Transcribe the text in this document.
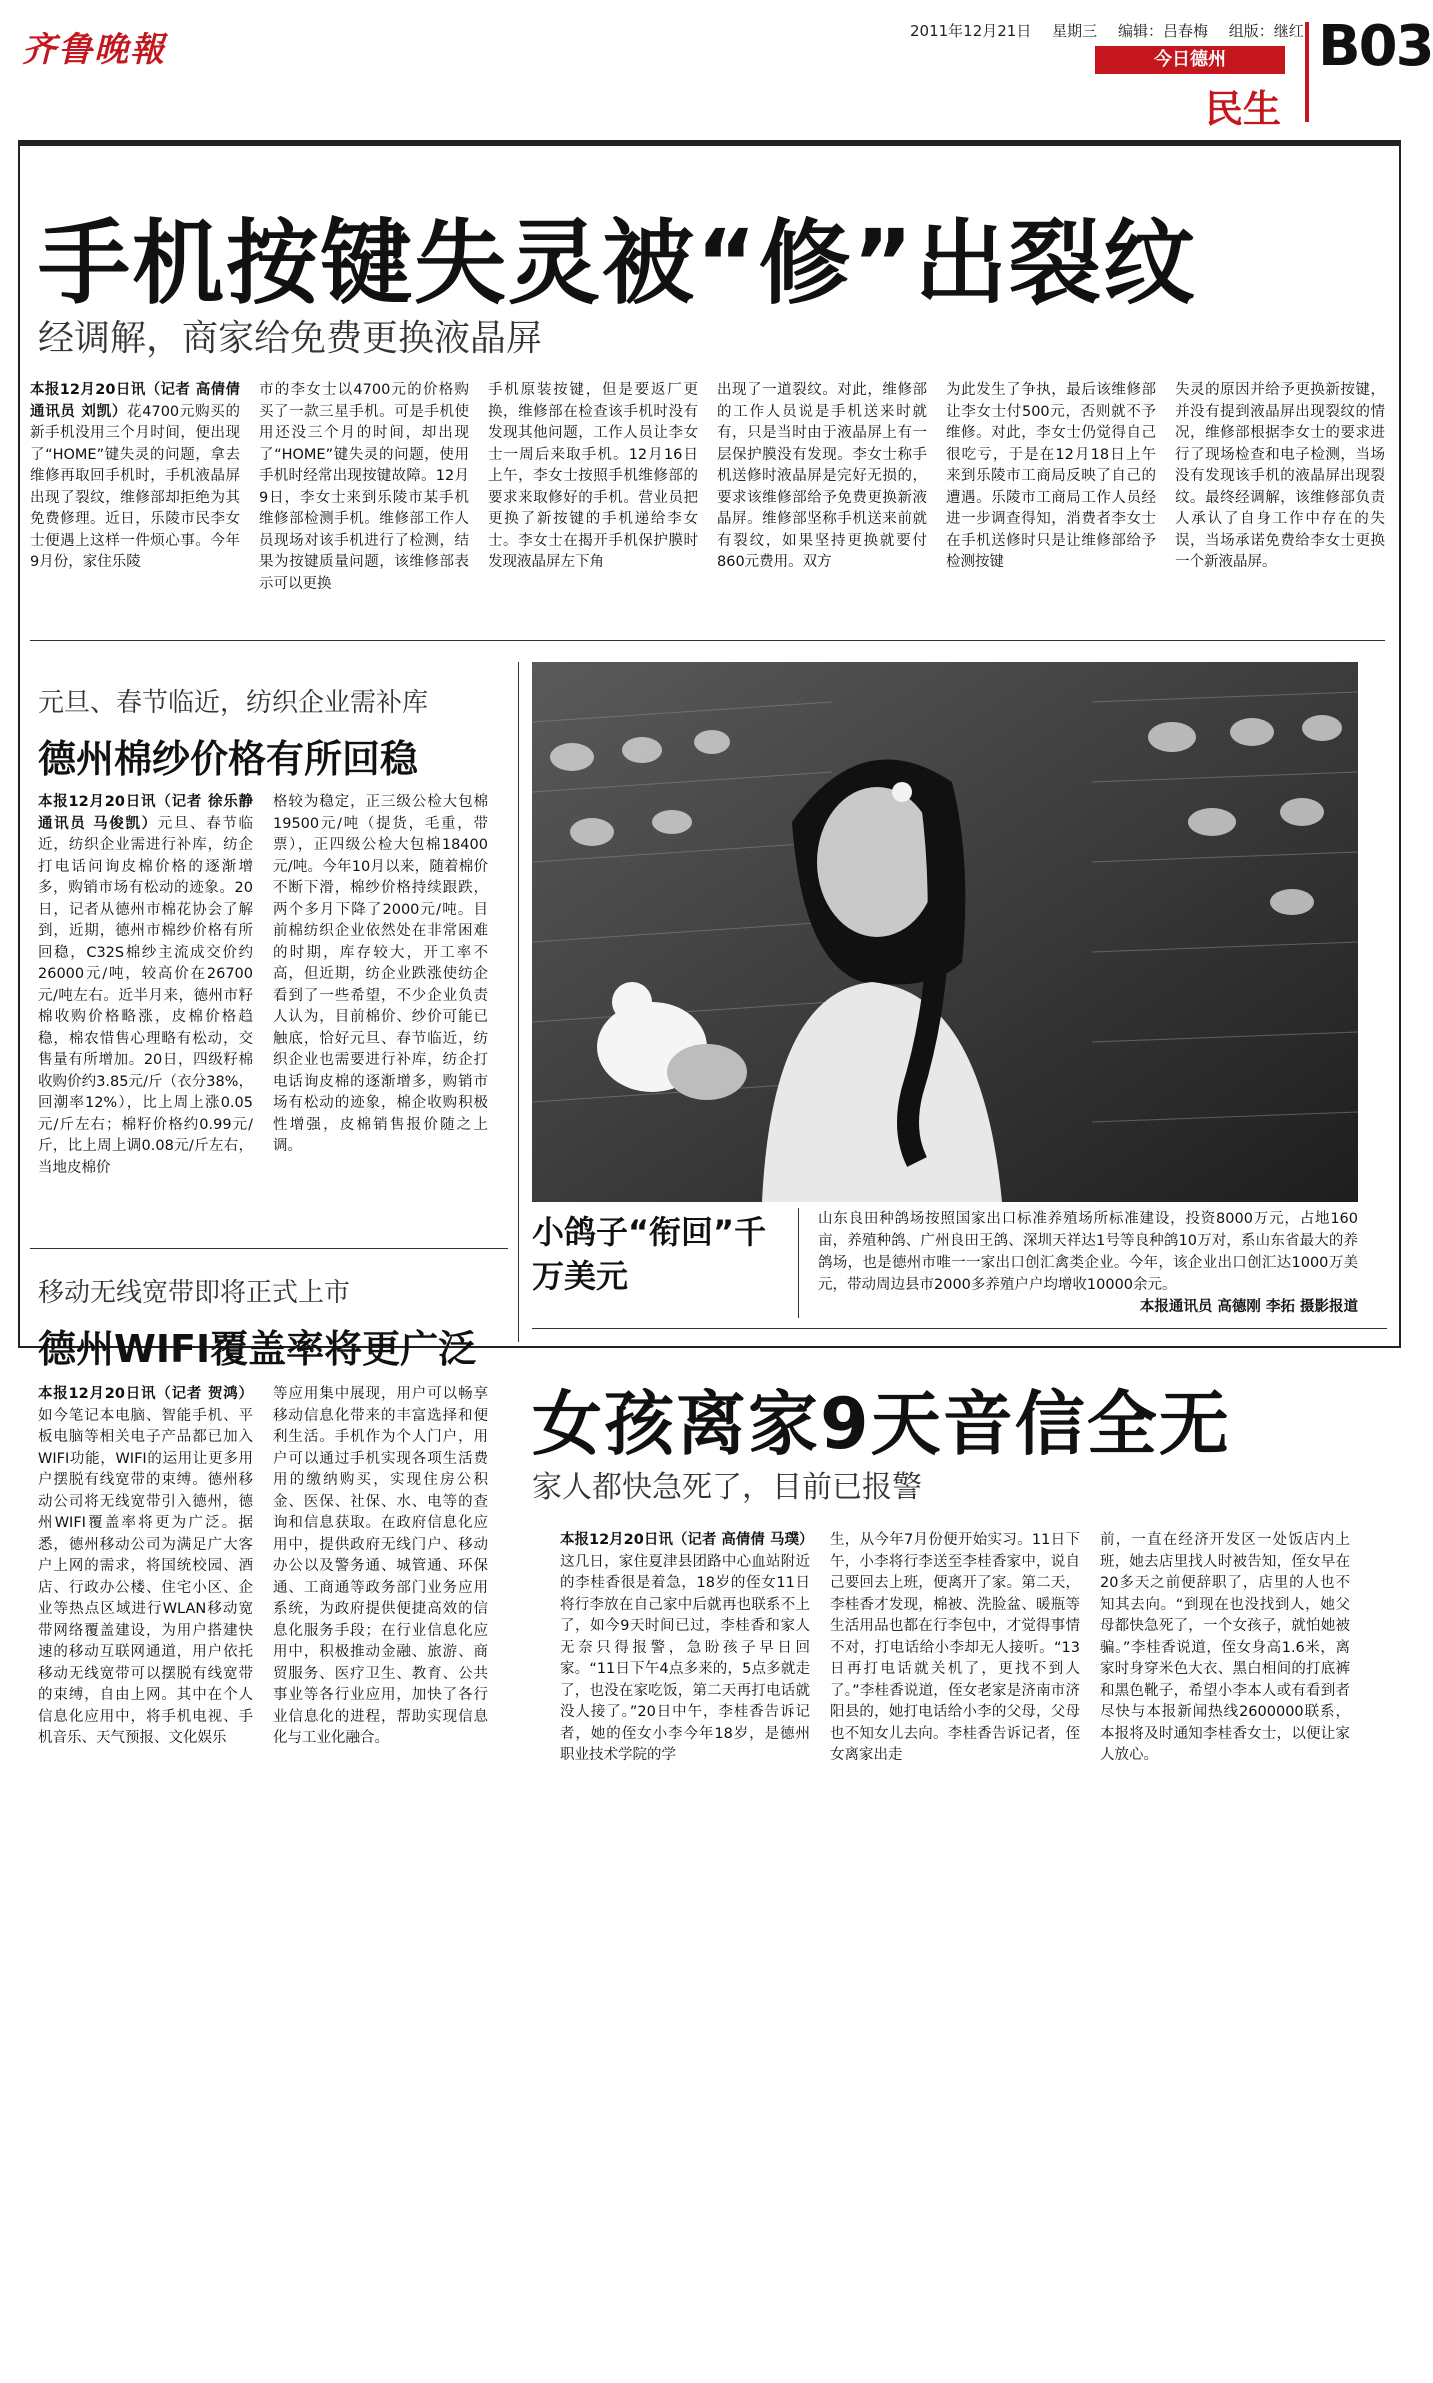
齐鲁晚報	2011年12月21日 星期三 编辑：吕春梅 组版：继红
今日德州
民生
B03
手机按键失灵被“修”出裂纹
经调解，商家给免费更换液晶屏
本报12月20日讯（记者 高倩倩 通讯员 刘凯）花4700元购买的新手机没用三个月时间，便出现了“HOME”键失灵的问题，拿去维修再取回手机时，手机液晶屏出现了裂纹，维修部却拒绝为其免费修理。近日，乐陵市民李女士便遇上这样一件烦心事。今年9月份，家住乐陵
市的李女士以4700元的价格购买了一款三星手机。可是手机使用还没三个月的时间，却出现了“HOME”键失灵的问题，使用手机时经常出现按键故障。12月9日，李女士来到乐陵市某手机维修部检测手机。维修部工作人员现场对该手机进行了检测，结果为按键质量问题，该维修部表示可以更换
手机原装按键，但是要返厂更换，维修部在检查该手机时没有发现其他问题，工作人员让李女士一周后来取手机。12月16日上午，李女士按照手机维修部的要求来取修好的手机。营业员把更换了新按键的手机递给李女士。李女士在揭开手机保护膜时发现液晶屏左下角
出现了一道裂纹。对此，维修部的工作人员说是手机送来时就有，只是当时由于液晶屏上有一层保护膜没有发现。李女士称手机送修时液晶屏是完好无损的，要求该维修部给予免费更换新液晶屏。维修部坚称手机送来前就有裂纹，如果坚持更换就要付860元费用。双方
为此发生了争执，最后该维修部让李女士付500元，否则就不予维修。对此，李女士仍觉得自己很吃亏，于是在12月18日上午来到乐陵市工商局反映了自己的遭遇。乐陵市工商局工作人员经进一步调查得知，消费者李女士在手机送修时只是让维修部给予检测按键
失灵的原因并给予更换新按键，并没有提到液晶屏出现裂纹的情况，维修部根据李女士的要求进行了现场检查和电子检测，当场没有发现该手机的液晶屏出现裂纹。最终经调解，该维修部负责人承认了自身工作中存在的失误，当场承诺免费给李女士更换一个新液晶屏。
元旦、春节临近，纺织企业需补库
德州棉纱价格有所回稳
本报12月20日讯（记者 徐乐静 通讯员 马俊凯）元旦、春节临近，纺织企业需进行补库，纺企打电话问询皮棉价格的逐渐增多，购销市场有松动的迹象。20日，记者从德州市棉花协会了解到，近期，德州市棉纱价格有所回稳，C32S棉纱主流成交价约26000元/吨，较高价在26700元/吨左右。近半月来，德州市籽棉收购价格略涨，皮棉价格趋稳，棉农惜售心理略有松动，交售量有所增加。20日，四级籽棉收购价约3.85元/斤（衣分38%，回潮率12%），比上周上涨0.05元/斤左右；棉籽价格约0.99元/斤，比上周上调0.08元/斤左右，当地皮棉价
格较为稳定，正三级公检大包棉19500元/吨（提货，毛重，带票），正四级公检大包棉18400元/吨。今年10月以来，随着棉价不断下滑，棉纱价格持续跟跌，两个多月下降了2000元/吨。目前棉纺织企业依然处在非常困难的时期，库存较大，开工率不高，但近期，纺企业跌涨使纺企看到了一些希望，不少企业负责人认为，目前棉价、纱价可能已触底，恰好元旦、春节临近，纺织企业也需要进行补库，纺企打电话询皮棉的逐渐增多，购销市场有松动的迹象，棉企收购积极性增强，皮棉销售报价随之上调。
移动无线宽带即将正式上市
德州WIFI覆盖率将更广泛
本报12月20日讯（记者 贺鸿）如今笔记本电脑、智能手机、平板电脑等相关电子产品都已加入WIFI功能，WIFI的运用让更多用户摆脱有线宽带的束缚。德州移动公司将无线宽带引入德州，德州WIFI覆盖率将更为广泛。据悉，德州移动公司为满足广大客户上网的需求，将国统校园、酒店、行政办公楼、住宅小区、企业等热点区域进行WLAN移动宽带网络覆盖建设，为用户搭建快速的移动互联网通道，用户依托移动无线宽带可以摆脱有线宽带的束缚，自由上网。其中在个人信息化应用中，将手机电视、手机音乐、天气预报、文化娱乐
等应用集中展现，用户可以畅享移动信息化带来的丰富选择和便利生活。手机作为个人门户，用户可以通过手机实现各项生活费用的缴纳购买，实现住房公积金、医保、社保、水、电等的查询和信息获取。在政府信息化应用中，提供政府无线门户、移动办公以及警务通、城管通、环保通、工商通等政务部门业务应用系统，为政府提供便捷高效的信息化服务手段；在行业信息化应用中，积极推动金融、旅游、商贸服务、医疗卫生、教育、公共事业等各行业应用，加快了各行业信息化的进程，帮助实现信息化与工业化融合。
小鸽子“衔回”千万美元
山东良田种鸽场按照国家出口标准养殖场所标准建设，投资8000万元，占地160亩，养殖种鸽、广州良田王鸽、深圳天祥达1号等良种鸽10万对，系山东省最大的养鸽场，也是德州市唯一一家出口创汇禽类企业。今年，该企业出口创汇达1000万美元，带动周边县市2000多养殖户户均增收10000余元。
本报通讯员 高德刚 李拓 摄影报道
女孩离家9天音信全无
家人都快急死了，目前已报警
本报12月20日讯（记者 高倩倩 马璞）这几日，家住夏津县团路中心血站附近的李桂香很是着急，18岁的侄女11日将行李放在自己家中后就再也联系不上了，如今9天时间已过，李桂香和家人无奈只得报警，急盼孩子早日回家。“11日下午4点多来的，5点多就走了，也没在家吃饭，第二天再打电话就没人接了。”20日中午，李桂香告诉记者，她的侄女小李今年18岁，是德州职业技术学院的学
生，从今年7月份便开始实习。11日下午，小李将行李送至李桂香家中，说自己要回去上班，便离开了家。第二天，李桂香才发现，棉被、洗脸盆、暖瓶等生活用品也都在行李包中，才觉得事情不对，打电话给小李却无人接听。“13日再打电话就关机了，更找不到人了。”李桂香说道，侄女老家是济南市济阳县的，她打电话给小李的父母，父母也不知女儿去向。李桂香告诉记者，侄女离家出走
前，一直在经济开发区一处饭店内上班，她去店里找人时被告知，侄女早在20多天之前便辞职了，店里的人也不知其去向。“到现在也没找到人，她父母都快急死了，一个女孩子，就怕她被骗。”李桂香说道，侄女身高1.6米，离家时身穿米色大衣、黑白相间的打底裤和黑色靴子，希望小李本人或有看到者尽快与本报新闻热线2600000联系，本报将及时通知李桂香女士，以便让家人放心。
